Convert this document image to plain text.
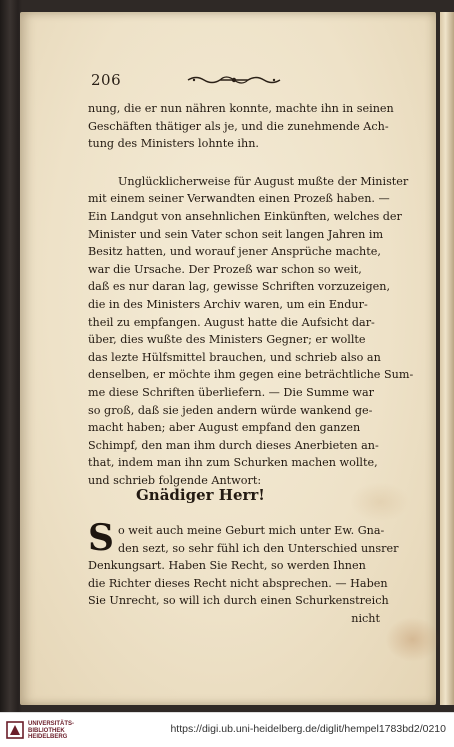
206
nung, die er nun nähren konnte, machte ihn in seinen
Geschäften thätiger als je, und die zunehmende Ach-
tung des Ministers lohnte ihn.
Unglücklicherweise für August mußte der Minister
mit einem seiner Verwandten einen Prozeß haben. —
Ein Landgut von ansehnlichen Einkünften, welches der
Minister und sein Vater schon seit langen Jahren im
Besitz hatten, und worauf jener Ansprüche machte,
war die Ursache. Der Prozeß war schon so weit,
daß es nur daran lag, gewisse Schriften vorzuzeigen,
die in des Ministers Archiv waren, um ein Endur-
theil zu empfangen. August hatte die Aufsicht dar-
über, dies wußte des Ministers Gegner; er wollte
das lezte Hülfsmittel brauchen, und schrieb also an
denselben, er möchte ihm gegen eine beträchtliche Sum-
me diese Schriften überliefern. — Die Summe war
so groß, daß sie jeden andern würde wankend ge-
macht haben; aber August empfand den ganzen
Schimpf, den man ihm durch dieses Anerbieten an-
that, indem man ihn zum Schurken machen wollte,
und schrieb folgende Antwort:
Gnädiger Herr!
S o weit auch meine Geburt mich unter Ew. Gna-
den sezt, so sehr fühl ich den Unterschied unsrer
Denkungsart. Haben Sie Recht, so werden Ihnen
die Richter dieses Recht nicht absprechen. — Haben
Sie Unrecht, so will ich durch einen Schurkenstreich
nicht
UNIVERSITÄTS-
BIBLIOTHEK
HEIDELBERG
https://digi.ub.uni-heidelberg.de/diglit/hempel1783bd2/0210
